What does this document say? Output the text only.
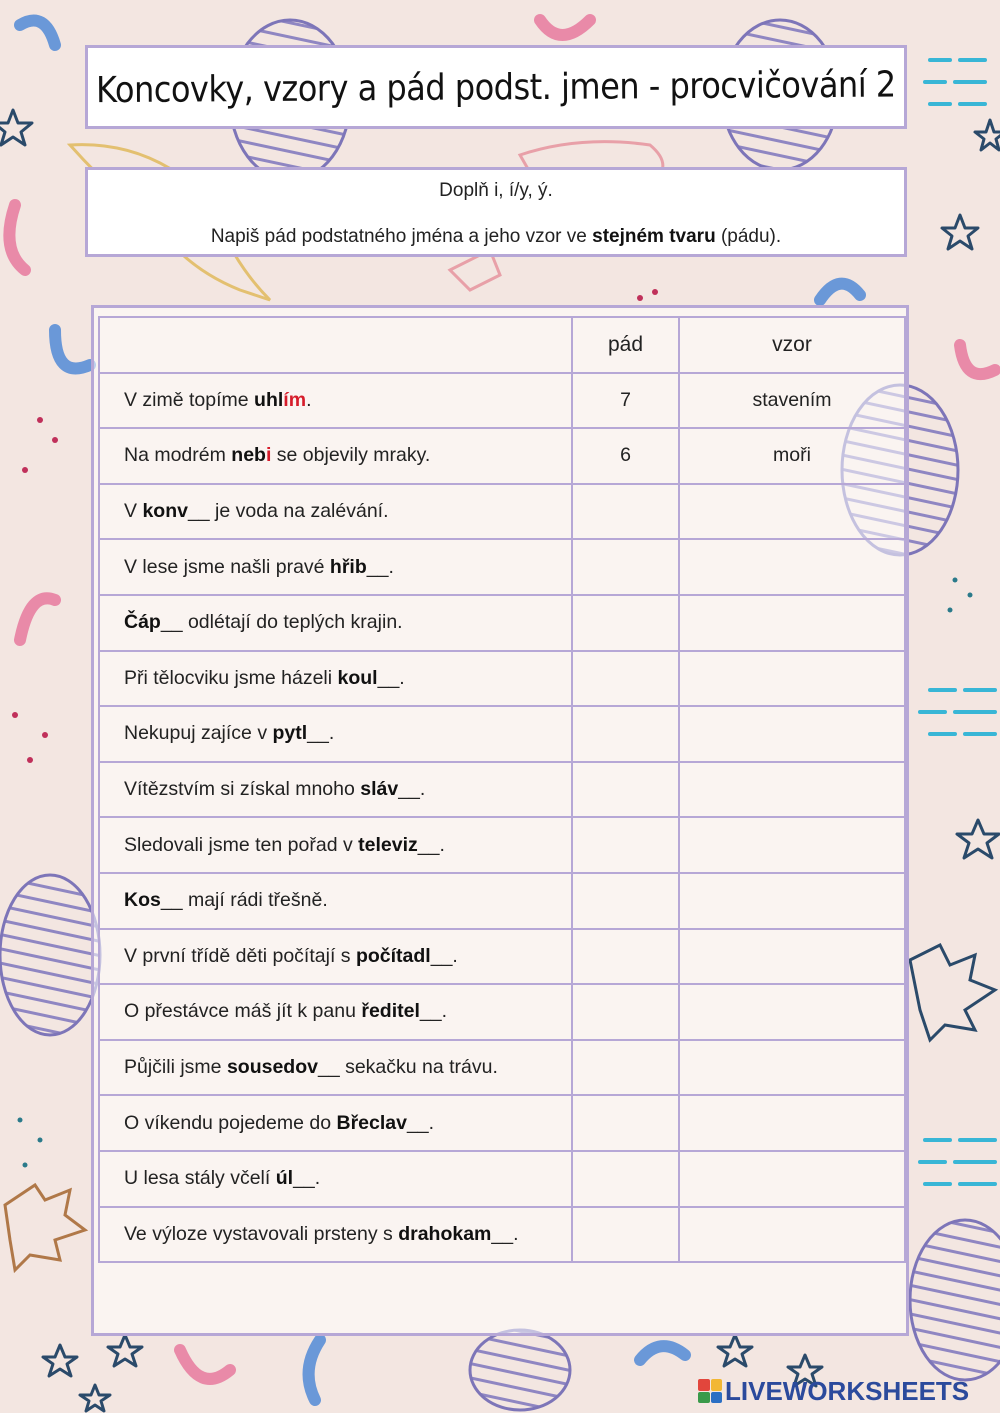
Koncovky, vzory a pád podst. jmen - procvičování 2
Doplň i, í/y, ý.
Napiš pád podstatného jména a jeho vzor ve stejném tvaru (pádu).
	pád	vzor
V zimě topíme uhlím.	7	stavením
Na modrém nebi se objevily mraky.	6	moři
V konv__ je voda na zalévání.		
V lese jsme našli pravé hřib__.		
Čáp__ odlétají do teplých krajin.		
Při tělocviku jsme házeli koul__.		
Nekupuj zajíce v pytl__.		
Vítězstvím si získal mnoho sláv__.		
Sledovali jsme ten pořad v televiz__.		
Kos__ mají rádi třešně.		
V první třídě děti počítají s počítadl__.		
O přestávce máš jít k panu ředitel__.		
Půjčili jsme sousedov__ sekačku na trávu.		
O víkendu pojedeme do Břeclav__.		
U lesa stály včelí úl__.		
Ve výloze vystavovali prsteny s drahokam__.		
LIVEWORKSHEETS
